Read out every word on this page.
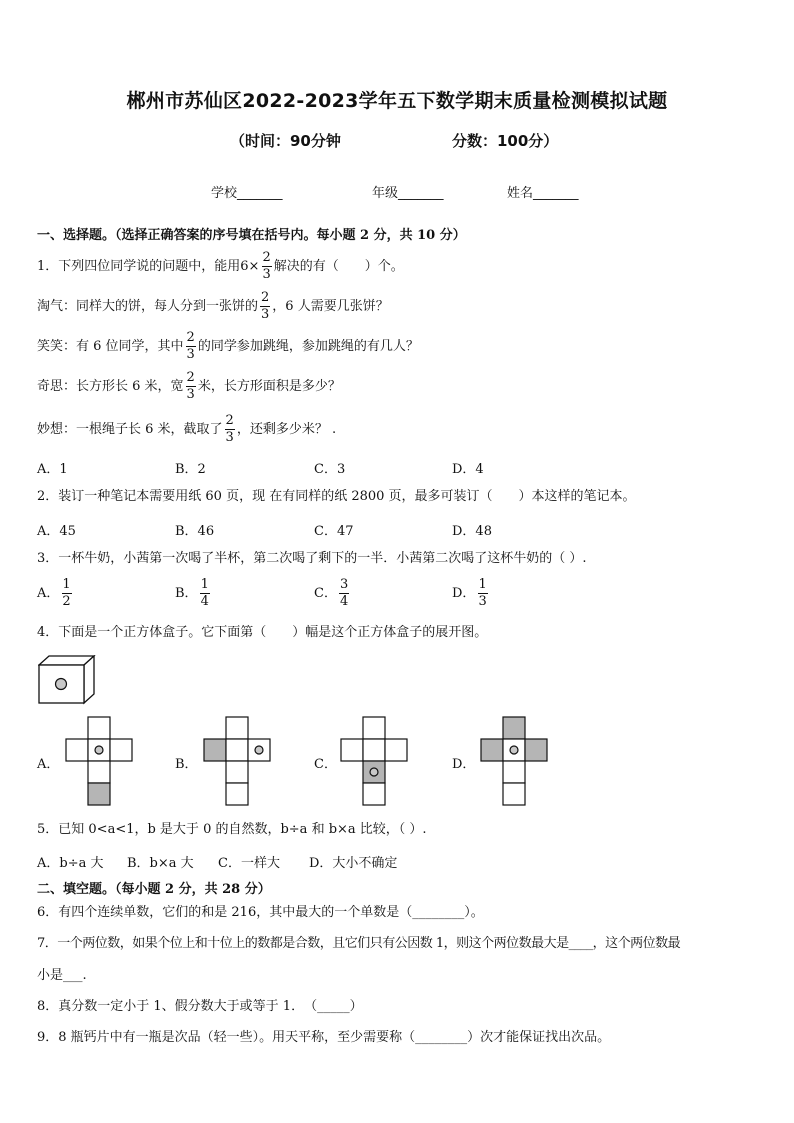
郴州市苏仙区2022-2023学年五下数学期末质量检测模拟试题
（时间：90分钟	分数：100分）
学校_______	年级_______	姓名_______
一、选择题。（选择正确答案的序号填在括号内。每小题 2 分，共 10 分）
1．下列四位同学说的问题中，能用$6\times \frac{2}{3}$ 解决的有（　　）个。
淘气：同样大的饼，每人分到一张饼的 $\frac{2}{3}$ ，6 人需要几张饼？
笑笑：有 6 位同学，其中 $\frac{2}{3}$ 的同学参加跳绳，参加跳绳的有几人？
奇思：长方形长 6 米，宽 $\frac{2}{3}$ 米，长方形面积是多少？
妙想：一根绳子长 6 米，截取了 $\frac{2}{3}$ ，还剩多少米？ .
A．1	B．2	C．3	D．4
2．装订一种笔记本需要用纸 60 页，现 在有同样的纸 2800 页，最多可装订（　　）本这样的笔记本。
A．45	B．46	C．47	D．48
3．一杯牛奶，小茜第一次喝了半杯，第二次喝了剩下的一半．小茜第二次喝了这杯牛奶的（ ）.
A． $\frac{1}{2}$	B． $\frac{1}{4}$	C． $\frac{3}{4}$	D． $\frac{1}{3}$
4．下面是一个正方体盒子。它下面第（　　）幅是这个正方体盒子的展开图。
A．	B．	C．	D．
5．已知 0<a<1，b 是大于 0 的自然数，b÷a 和 b×a 比较，（ ）.
A．b÷a 大 B．b×a 大 C．一样大 D．大小不确定
二、填空题。（每小题 2 分，共 28 分）
6．有四个连续单数，它们的和是 216，其中最大的一个单数是（________）。
7．一个两位数，如果个位上和十位上的数都是合数，且它们只有公因数 1，则这个两位数最大是____，这个两位数最
小是___.
8．真分数一定小于 1、假分数大于或等于 1．　（_____）
9．8 瓶钙片中有一瓶是次品（轻一些）。用天平称，至少需要称（________）次才能保证找出次品。
